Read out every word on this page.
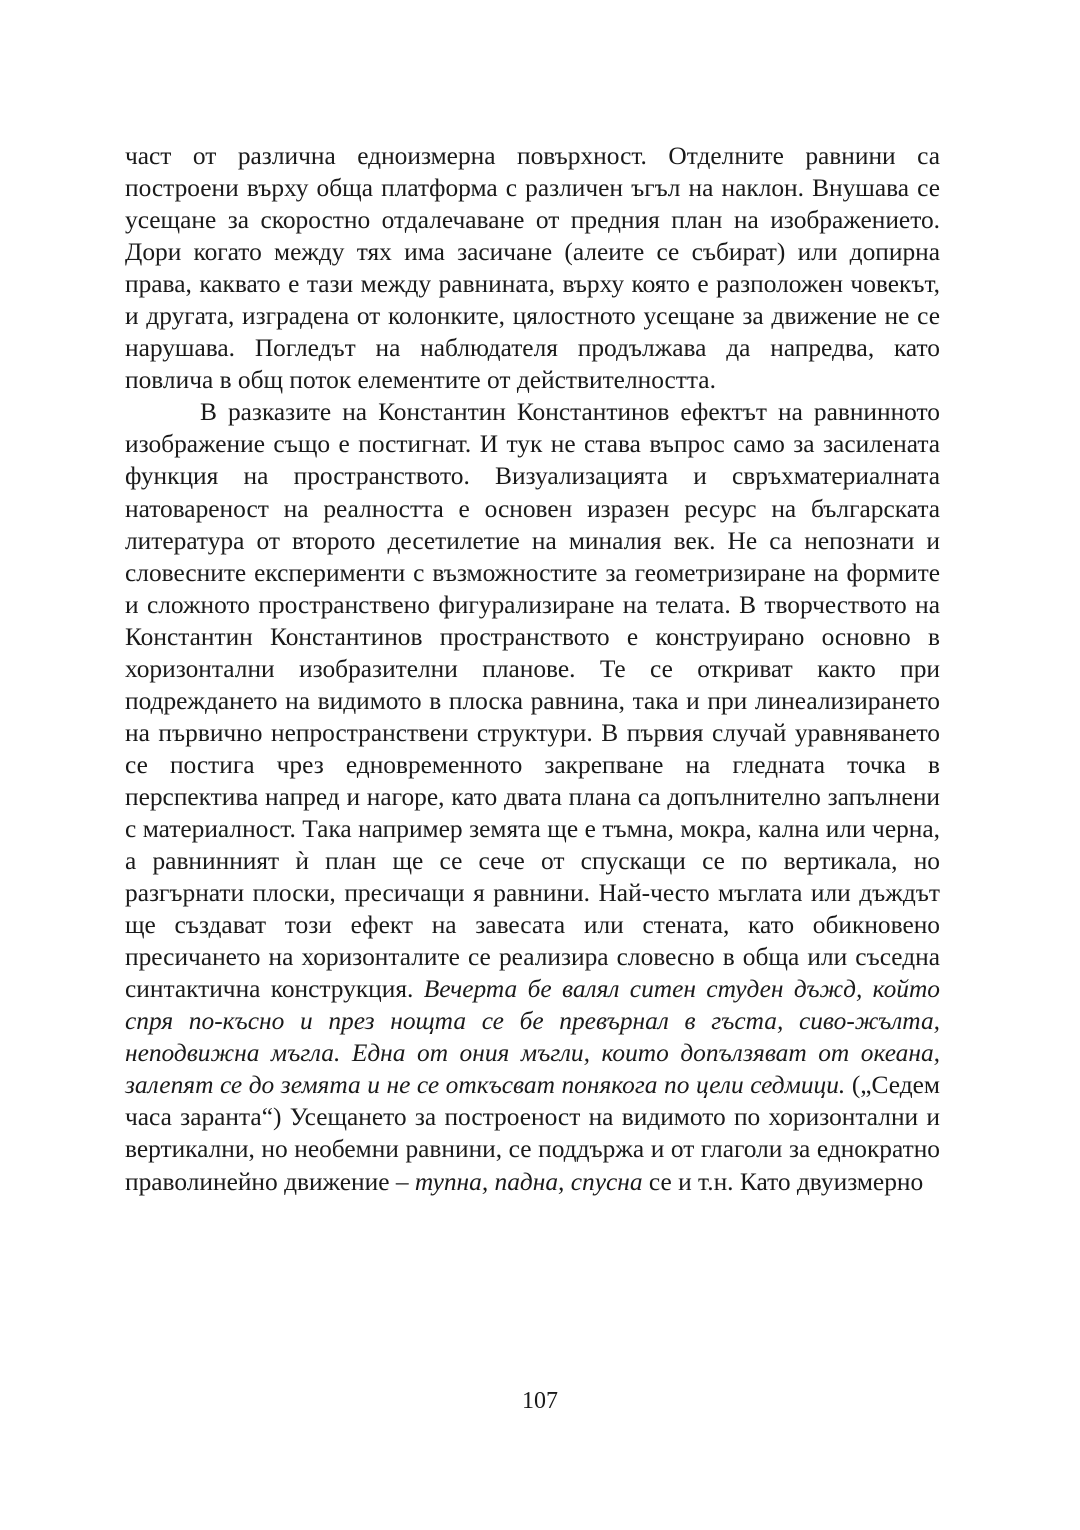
част от различна едноизмерна повърхност. Отделните равнини са построени върху обща платформа с различен ъгъл на наклон. Внушава се усещане за скоростно отдалечаване от предния план на изображението. Дори когато между тях има засичане (алеите се събират) или допирна права, каквато е тази между равнината, върху която е разположен човекът, и другата, изградена от колонките, цялостното усещане за движение не се нарушава. Погледът на наблюдателя продължава да напредва, като повлича в общ поток елементите от действителността.

В разказите на Константин Константинов ефектът на равнинното изображение също е постигнат. И тук не става въпрос само за засилената функция на пространството. Визуализацията и свръхматериалната натовареност на реалността е основен изразен ресурс на българската литература от второто десетилетие на миналия век. Не са непознати и словесните експерименти с възможностите за геометризиране на формите и сложното пространствено фигурализиране на телата. В творчеството на Константин Константинов пространството е конструирано основно в хоризонтални изобразителни планове. Те се откриват както при подреждането на видимото в плоска равнина, така и при линеализирането на първично непространствени структури. В първия случай уравняването се постига чрез едновременното закрепване на гледната точка в перспектива напред и нагоре, като двата плана са допълнително запълнени с материалност. Така например земята ще е тъмна, мокра, кална или черна, а равнинният ѝ план ще се сече от спускащи се по вертикала, но разгърнати плоски, пресичащи я равнини. Най-често мъглата или дъждът ще създават този ефект на завесата или стената, като обикновено пресичането на хоризонталите се реализира словесно в обща или съседна синтактична конструкция. Вечерта бе валял ситен студен дъжд, който спря по-късно и през нощта се бе превърнал в гъста, сиво-жълта, неподвижна мъгла. Една от ония мъгли, които допълзяват от океана, залепят се до земята и не се откъсват понякога по цели седмици. („Седем часа заранта“) Усещането за построеност на видимото по хоризонтални и вертикални, но необемни равнини, се поддържа и от глаголи за еднократно праволинейно движение – тупна, падна, спусна се и т.н. Като двуизмерно

107
